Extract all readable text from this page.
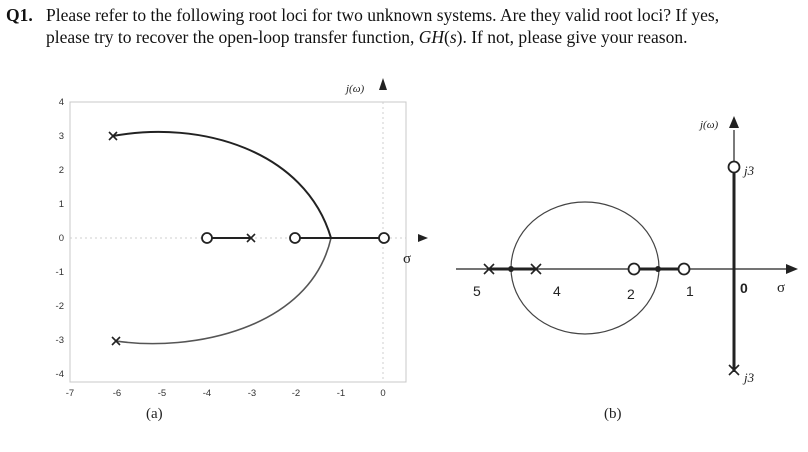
Q1. Please refer to the following root loci for two unknown systems. Are they valid root loci? If yes,
please try to recover the open-loop transfer function, GH(s). If not, please give your reason.
4
3
2
1
0
-1
-2
-3
-4
-7	-6	-5	-4	-3	-2	-1	0
j(ω)
σ
(a)
5	4	2	1	0
j3
j3
j(ω)
σ
(b)
